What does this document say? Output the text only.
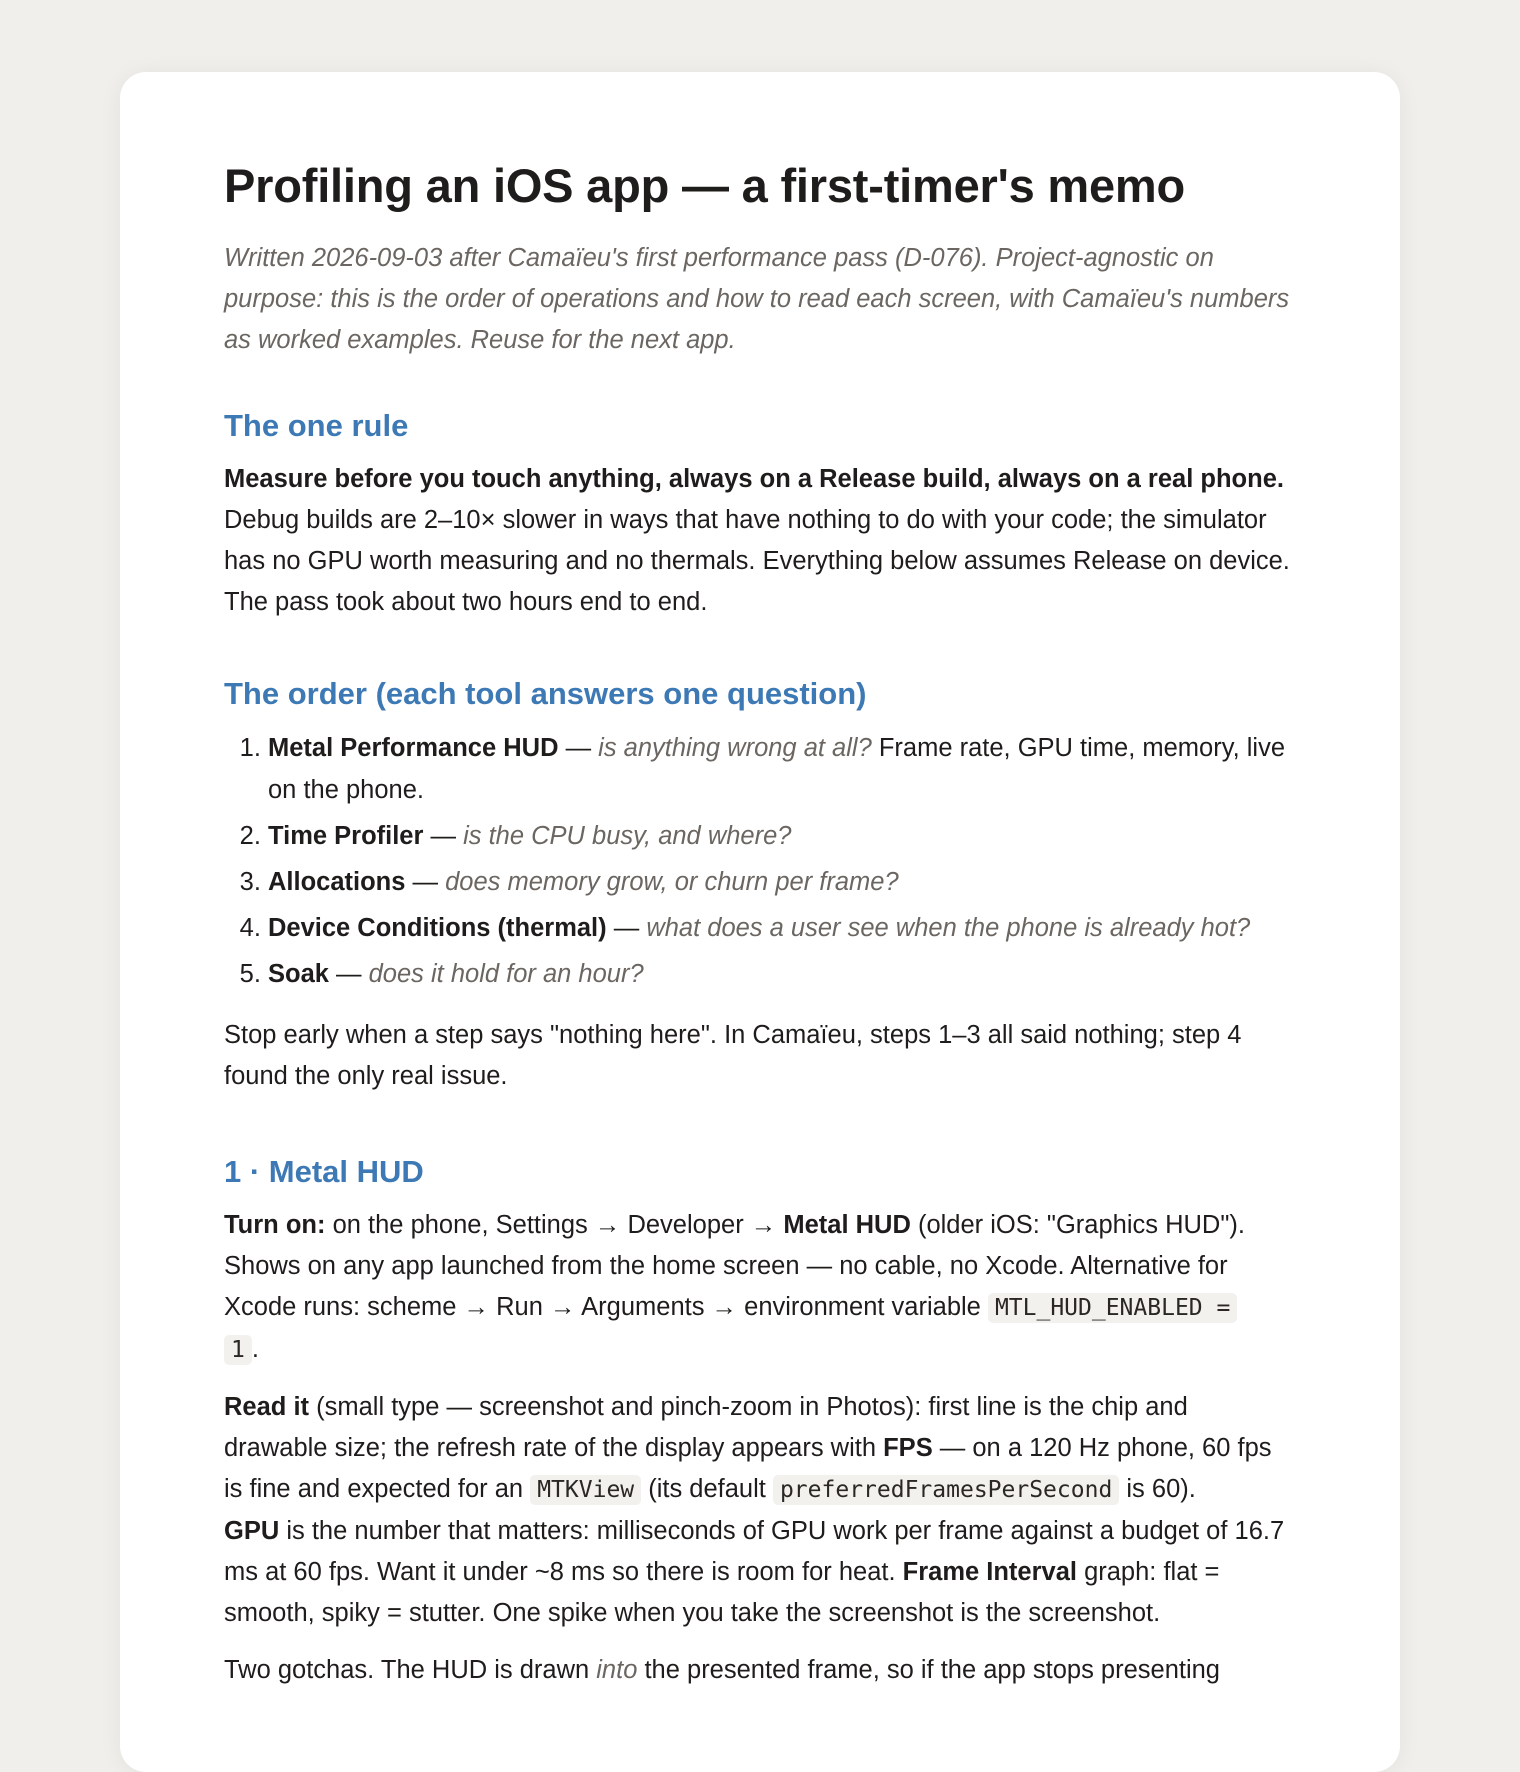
Profiling an iOS app — a first-timer's memo

Written 2026-09-03 after Camaïeu's first performance pass (D-076). Project-agnostic on purpose: this is the order of operations and how to read each screen, with Camaïeu's numbers as worked examples. Reuse for the next app.

The one rule

Measure before you touch anything, always on a Release build, always on a real phone. Debug builds are 2–10× slower in ways that have nothing to do with your code; the simulator has no GPU worth measuring and no thermals. Everything below assumes Release on device. The pass took about two hours end to end.

The order (each tool answers one question)
1. Metal Performance HUD — is anything wrong at all? Frame rate, GPU time, memory, live on the phone.
2. Time Profiler — is the CPU busy, and where?
3. Allocations — does memory grow, or churn per frame?
4. Device Conditions (thermal) — what does a user see when the phone is already hot?
5. Soak — does it hold for an hour?

Stop early when a step says "nothing here". In Camaïeu, steps 1–3 all said nothing; step 4 found the only real issue.

1 · Metal HUD

Turn on: on the phone, Settings → Developer → Metal HUD (older iOS: "Graphics HUD"). Shows on any app launched from the home screen — no cable, no Xcode. Alternative for Xcode runs: scheme → Run → Arguments → environment variable MTL_HUD_ENABLED =
1 .

Read it (small type — screenshot and pinch-zoom in Photos): first line is the chip and drawable size; the refresh rate of the display appears with FPS — on a 120 Hz phone, 60 fps is fine and expected for an MTKView (its default preferredFramesPerSecond is 60).
GPU is the number that matters: milliseconds of GPU work per frame against a budget of 16.7 ms at 60 fps. Want it under ~8 ms so there is room for heat. Frame Interval graph: flat = smooth, spiky = stutter. One spike when you take the screenshot is the screenshot.

Two gotchas. The HUD is drawn into the presented frame, so if the app stops presenting
